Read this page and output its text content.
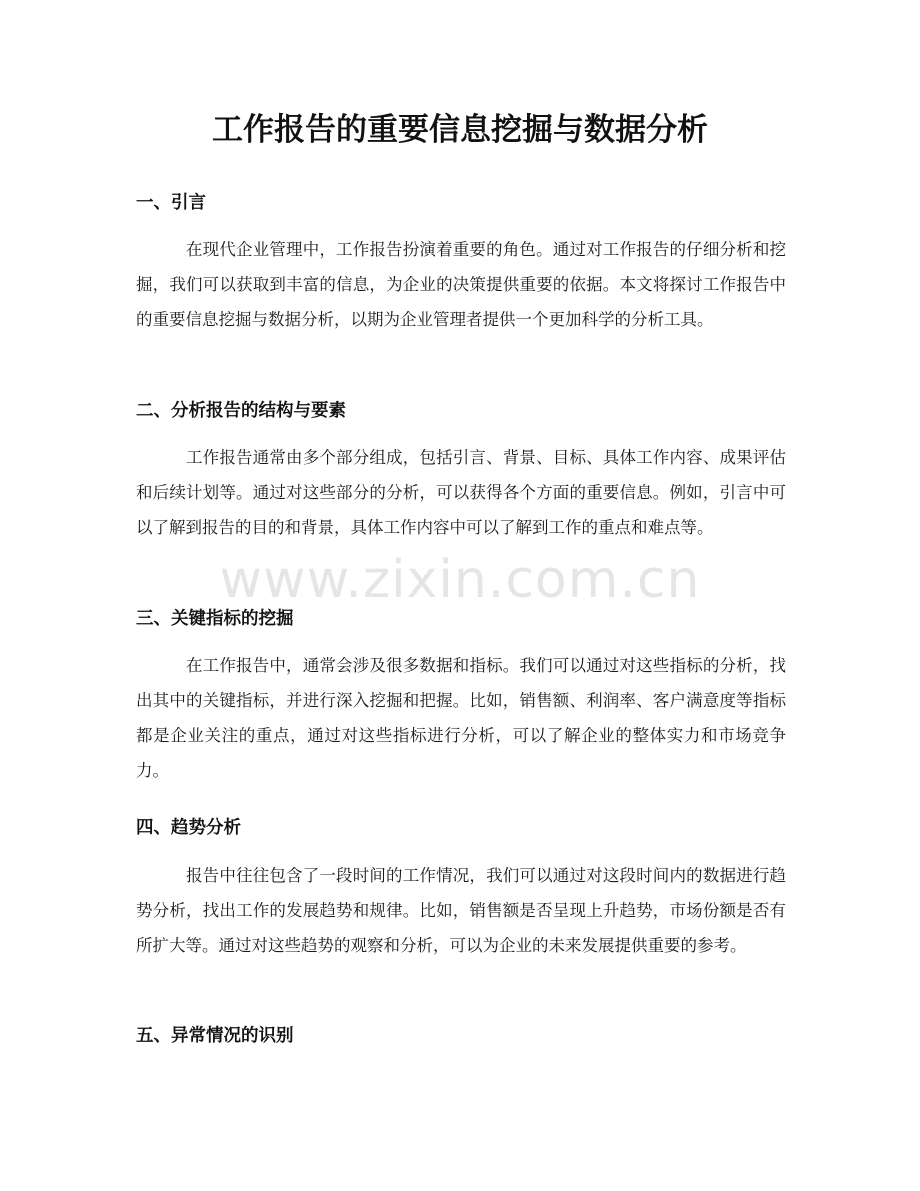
工作报告的重要信息挖掘与数据分析
一、引言

在现代企业管理中，工作报告扮演着重要的角色。通过对工作报告的仔细分析和挖掘，我们可以获取到丰富的信息，为企业的决策提供重要的依据。本文将探讨工作报告中的重要信息挖掘与数据分析，以期为企业管理者提供一个更加科学的分析工具。

二、分析报告的结构与要素

工作报告通常由多个部分组成，包括引言、背景、目标、具体工作内容、成果评估和后续计划等。通过对这些部分的分析，可以获得各个方面的重要信息。例如，引言中可以了解到报告的目的和背景，具体工作内容中可以了解到工作的重点和难点等。

三、关键指标的挖掘

在工作报告中，通常会涉及很多数据和指标。我们可以通过对这些指标的分析，找出其中的关键指标，并进行深入挖掘和把握。比如，销售额、利润率、客户满意度等指标都是企业关注的重点，通过对这些指标进行分析，可以了解企业的整体实力和市场竞争力。

四、趋势分析

报告中往往包含了一段时间的工作情况，我们可以通过对这段时间内的数据进行趋势分析，找出工作的发展趋势和规律。比如，销售额是否呈现上升趋势，市场份额是否有所扩大等。通过对这些趋势的观察和分析，可以为企业的未来发展提供重要的参考。

五、异常情况的识别
www.zixin.com.cn
